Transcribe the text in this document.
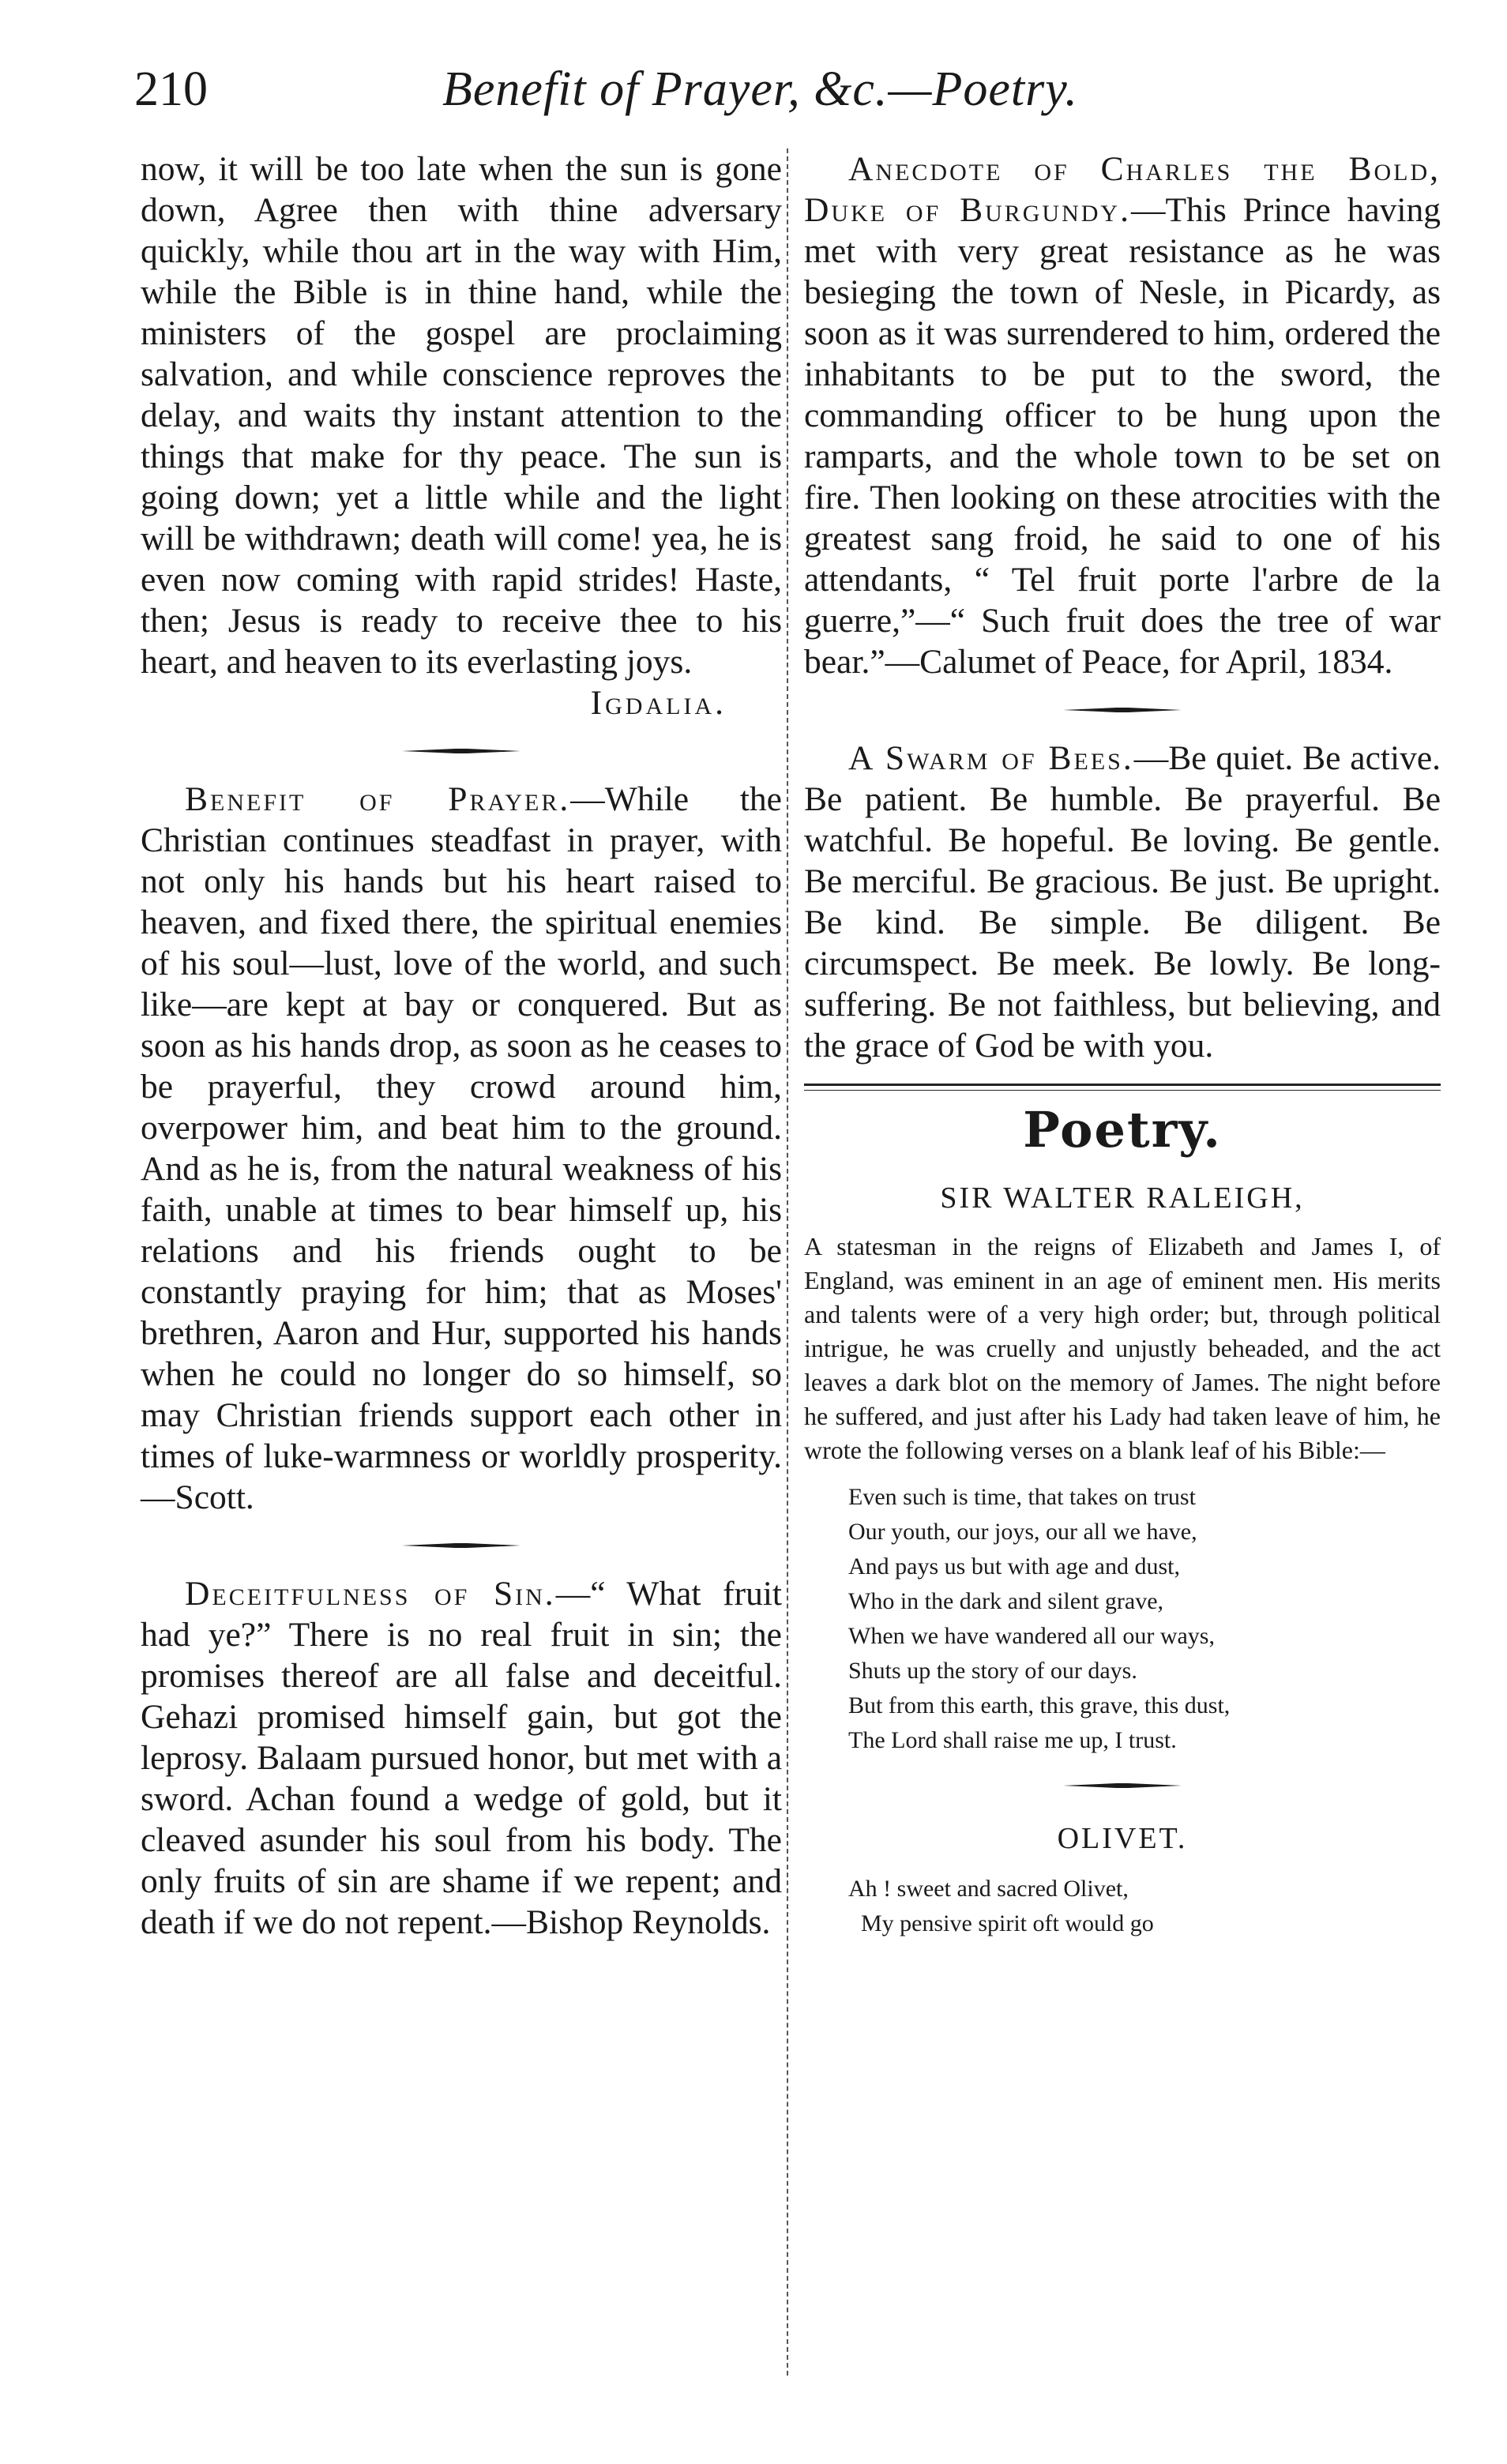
210	Benefit of Prayer, &c.—Poetry.

now, it will be too late when the sun is gone down, Agree then with thine adversary quickly, while thou art in the way with Him, while the Bible is in thine hand, while the ministers of the gospel are proclaiming salvation, and while conscience reproves the delay, and waits thy instant attention to the things that make for thy peace. The sun is going down; yet a little while and the light will be withdrawn; death will come! yea, he is even now coming with rapid strides! Haste, then; Jesus is ready to receive thee to his heart, and heaven to its everlasting joys.

Igdalia.

Benefit of Prayer.—While the Christian continues steadfast in prayer, with not only his hands but his heart raised to heaven, and fixed there, the spiritual enemies of his soul—lust, love of the world, and such like—are kept at bay or conquered. But as soon as his hands drop, as soon as he ceases to be prayerful, they crowd around him, overpower him, and beat him to the ground. And as he is, from the natural weakness of his faith, unable at times to bear himself up, his relations and his friends ought to be constantly praying for him; that as Moses' brethren, Aaron and Hur, supported his hands when he could no longer do so himself, so may Christian friends support each other in times of luke-warmness or worldly prosperity.—Scott.

Deceitfulness of Sin.—“ What fruit had ye?” There is no real fruit in sin; the promises thereof are all false and deceitful. Gehazi promised himself gain, but got the leprosy. Balaam pursued honor, but met with a sword. Achan found a wedge of gold, but it cleaved asunder his soul from his body. The only fruits of sin are shame if we repent; and death if we do not repent.—Bishop Reynolds.

Anecdote of Charles the Bold, Duke of Burgundy.—This Prince having met with very great resistance as he was besieging the town of Nesle, in Picardy, as soon as it was surrendered to him, ordered the inhabitants to be put to the sword, the commanding officer to be hung upon the ramparts, and the whole town to be set on fire. Then looking on these atrocities with the greatest sang froid, he said to one of his attendants, “ Tel fruit porte l'arbre de la guerre,”—“ Such fruit does the tree of war bear.”—Calumet of Peace, for April, 1834.

A Swarm of Bees.—Be quiet. Be active. Be patient. Be humble. Be prayerful. Be watchful. Be hopeful. Be loving. Be gentle. Be merciful. Be gracious. Be just. Be upright. Be kind. Be simple. Be diligent. Be circumspect. Be meek. Be lowly. Be long-suffering. Be not faithless, but believing, and the grace of God be with you.

Poetry.
SIR WALTER RALEIGH,

A statesman in the reigns of Elizabeth and James I, of England, was eminent in an age of eminent men. His merits and talents were of a very high order; but, through political intrigue, he was cruelly and unjustly beheaded, and the act leaves a dark blot on the memory of James. The night before he suffered, and just after his Lady had taken leave of him, he wrote the following verses on a blank leaf of his Bible:—

Even such is time, that takes on trust
Our youth, our joys, our all we have,
And pays us but with age and dust,
Who in the dark and silent grave,
When we have wandered all our ways,
Shuts up the story of our days.
But from this earth, this grave, this dust,
The Lord shall raise me up, I trust.
OLIVET.
Ah ! sweet and sacred Olivet,
My pensive spirit oft would go
